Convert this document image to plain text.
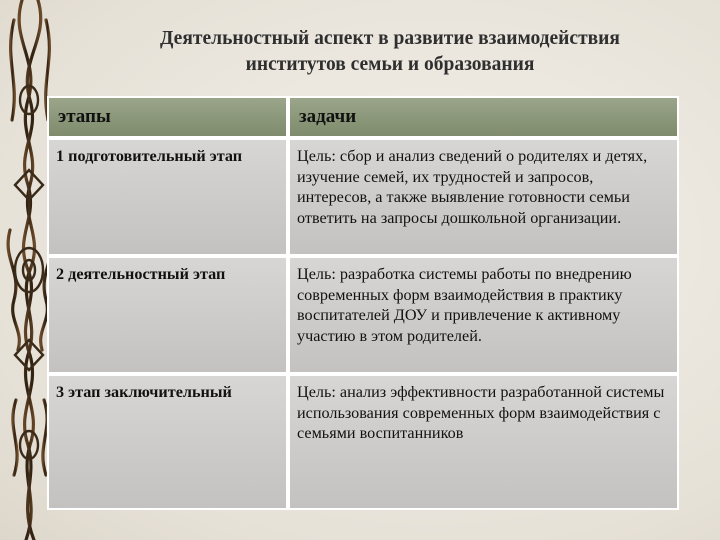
Деятельностный аспект в развитие взаимодействия
институтов семьи и образования
этапы	задачи
1 подготовительный этап	Цель: сбор и анализ сведений о родителях и детях, изучение семей, их трудностей и запросов, интересов, а также выявление готовности семьи ответить на запросы дошкольной организации.
2 деятельностный этап	Цель: разработка системы работы по внедрению современных форм взаимодействия в практику воспитателей ДОУ и привлечение к активному участию в этом родителей.
3 этап заключительный	Цель: анализ эффективности разработанной системы использования современных форм взаимодействия с семьями воспитанников
